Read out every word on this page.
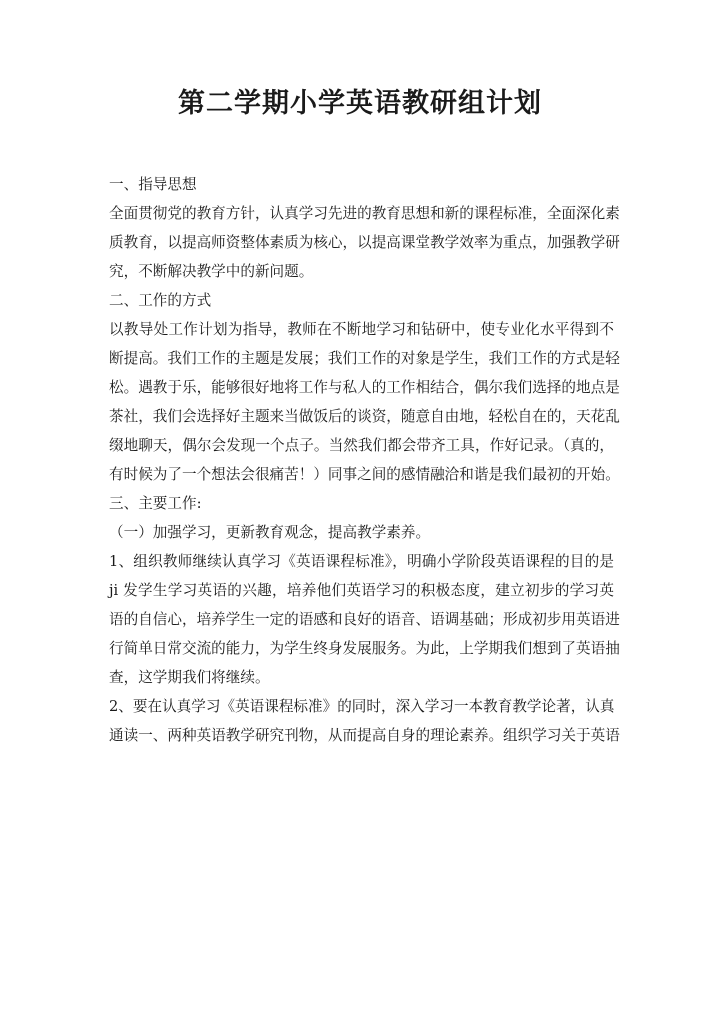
第二学期小学英语教研组计划
一、指导思想
全面贯彻党的教育方针，认真学习先进的教育思想和新的课程标准，全面深化素
质教育，以提高师资整体素质为核心，以提高课堂教学效率为重点，加强教学研
究，不断解决教学中的新问题。
二、工作的方式
以教导处工作计划为指导，教师在不断地学习和钻研中，使专业化水平得到不
断提高。我们工作的主题是发展；我们工作的对象是学生，我们工作的方式是轻
松。遇教于乐，能够很好地将工作与私人的工作相结合，偶尔我们选择的地点是
茶社，我们会选择好主题来当做饭后的谈资，随意自由地，轻松自在的，天花乱
缀地聊天，偶尔会发现一个点子。当然我们都会带齐工具，作好记录。（真的，
有时候为了一个想法会很痛苦！）同事之间的感情融洽和谐是我们最初的开始。
三、主要工作:
（一）加强学习，更新教育观念，提高教学素养。
1、组织教师继续认真学习《英语课程标准》，明确小学阶段英语课程的目的是
ji 发学生学习英语的兴趣，培养他们英语学习的积极态度，建立初步的学习英
语的自信心，培养学生一定的语感和良好的语音、语调基础；形成初步用英语进
行简单日常交流的能力，为学生终身发展服务。为此，上学期我们想到了英语抽
查，这学期我们将继续。
2、要在认真学习《英语课程标准》的同时，深入学习一本教育教学论著，认真
通读一、两种英语教学研究刊物，从而提高自身的理论素养。组织学习关于英语
